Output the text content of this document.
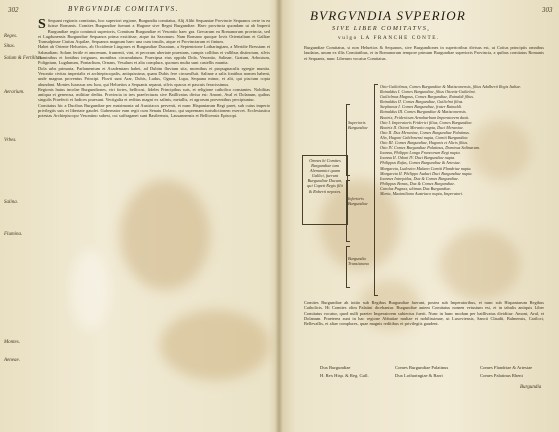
302	BVRGVNDIÆ COMITATVS.
Reges.
Situs.
Solum & Fertilitas.
Aerarium.
Vrbes.
Salina.
Flumina.
Montes.
Aeneae.

S Sequani regionis comitatus, hoc superiori regione, Burgundia comitatus, Alij Alibi Sequaniae Provincie Sequanos certe in ea fuisse Romanis. Comites Burgundiae fuerunt a Hugone sive Regni Burgundiae. Haec provincia quondam ut ab Imperii Burgundiae regio continuit superioris, Comitum Burgundiae et Vesontio haec gra. Grecarum ea Romanorum provincia, sed et Lugdunensis Burgundiae Sequanos prima exstitisse, atque ita Saxonum. Nam Romano quoque Iovis Orientalium et Galliae Transalpinae Ciuitas Aquilae, Sequanos magnum haec una cum insulis, atque et Provinciarum et finium.

Habet ab Oriente Heluetios, ab Occidente Lingones et Burgundiae Ducatum, a Septentrione Lotharingiam, a Meridie Bressiam et Sabaudiam. Solum fertile et amoenum, frumenti, vini, et pecorum ubertate praestans, campis collibus et vallibus distinctum, silvis fluminibus et fontibus irriguum, montibus circumdatum. Praecipua eius oppida Dola, Vesontio, Salinae, Gratum, Arbosium, Polignium, Lugdunum, Pontarlium, Ornans, Vesulum et alia complura, quorum multa sunt castellis munita.

Dola urbs primaria, Parlamentum et Academiam habet, ad Dubim fluvium sita, moenibus et propugnaculis egregie munita. Vesontio civitas imperialis et archiepiscopalis, antiquissima, quam Dubis fere circumfluit. Salinae a salis fontibus nomen habent, unde magnus proventus Principi. Fluvii sunt Arar, Dubis, Ludus, Ognon, Lupa, Sequana minor, et alii, qui piscium copia abundant. Montes Iurassus seu Iura, qui Heluetios a Sequanis separat, silvis opacus et pascuis feracissimus.

Regionis huius incolae Burgundiones, viri fortes, bellicosi, fideles Principibus suis, et religione catholica constantes. Nobilitas antiqua et generosa, militiae dedita. Provincia in tres praefecturas sive Baillivatus divisa est: Amont, Aval et Dolanum, quibus singulis Praefecti et Iudices praesunt. Vectigalia et reditus magni ex salinis, metallis, et agrorum proventibus percipiuntur.

Comitatus hic a Ducibus Burgundiae per matrimonia ad Austriacos pervenit, et nunc Hispaniarum Regi paret, sub cuius imperio privilegiis suis et libertate gaudet. Gubernator eam regit cum Senatu Dolano, qui supremam iurisdictionem exercet. Ecclesiastica potestas Archiepiscopo Vesontino subest, cui suffraganei sunt Basileensis, Lausannensis et Bellicensis Episcopi.

303
BVRGVNDIA SVPERIOR
SIVE LIBER COMITATVS,
vulgo LA FRANCHE CONTE.

Burgundiae Comitatus, si non Heluetios & Sequanos, sive Burgundiones in superioribus divisus est, ut Coitus principiis omnibus laudatus, unum ex illis Comitatibus, et in Romanorum tempore primum Burgundiae superioris Provincia, a quibus comitatus Romanis et Sequanis, nunc Liberum vocatur Comitatus.

Omnes hi Comites Burgundiae tam Alemannici quam Gallici, fuerunt Burgundiae Ducum, qui Capeti Regis filii & Roberti nepotes.
Superioris Burgundiae
Inferioris Burgundiae
Burgundia Transiurana
Otto-Guilielmus, Comes Burgundiae & Matisconensis, filius Adalberti Regis Italiae.
Rainaldus I. Comes Burgundiae, filius Ottonis-Guilielmi.
Guilielmus Magnus, Comes Burgundiae, Rainaldi filius.
Rainaldus II. Comes Burgundiae, Guilielmi filius.
Stephanus I. Comes Burgundiae, frater Rainaldi.
Rainaldus III. Comes Burgundiae & Matisconensis.
Beatrix, Fridericum Aenobarbum Imperatorem duxit.
Otto I. Imperatoris Friderici filius, Comes Burgundiae.
Beatrix II. Ottoni Meranio nupta, Duci Meraniae.
Otto II. Dux Meraniae, Comes Burgundiae Palatinus.
Alix, Hugoni Cabilonensi nupta, Comiti Burgundiae.
Otto III. Comes Burgundiae, Hugonis et Alicis filius.
Otto IV. Comes Burgundiae Palatinus, Dominus Salinarum.
Ioanna, Philippo Longo Francorum Regi nupta.
Ioanna II. Odoni IV. Duci Burgundiae nupta.
Philippus Rufus, Comes Burgundiae & Artesiae.
Margareta, Ludovico Malano Comiti Flandriae nupta.
Margareta II. Philippo Audaci Duci Burgundiae nupta.
Ioannes Intrepidus, Dux & Comes Burgundiae.
Philippus Bonus, Dux & Comes Burgundiae.
Carolus Pugnax, ultimus Dux Burgundiae.
Maria, Maximiliano Austriaco nupta, Imperatori.

Comites Burgundiae ab initio sub Regibus Burgundiae fuerunt, postea sub Imperatoribus, et nunc sub Hispaniarum Regibus Catholicis. Hi Comites olim Palatini dicebantur. Burgundiae autem Comitatus nomen vetustum est, et in tabulis antiquis Liber Comitatus vocatur, quod nulli praeter Imperatorem subiectus fuerit. Nunc in hunc modum per baillivatus dividitur: Amont, Aval, et Dolanum. Praeterea sunt in hac regione Abbatiae multae et nobilissimae, ut Luxoviensis, Sancti Claudii, Balmensis, Cariloci, Bellevallis, et aliae complures, quae magnis reditibus et privilegiis gaudent.

Dux Burgundiae	Comes Burgundiae Palatinus	Comes Flandriae & Artesiae
H. Rex Hisp. & Reg. Gall.	Dux Lotharingiae & Barri	Comes Palatinus Rheni
Burgundia
